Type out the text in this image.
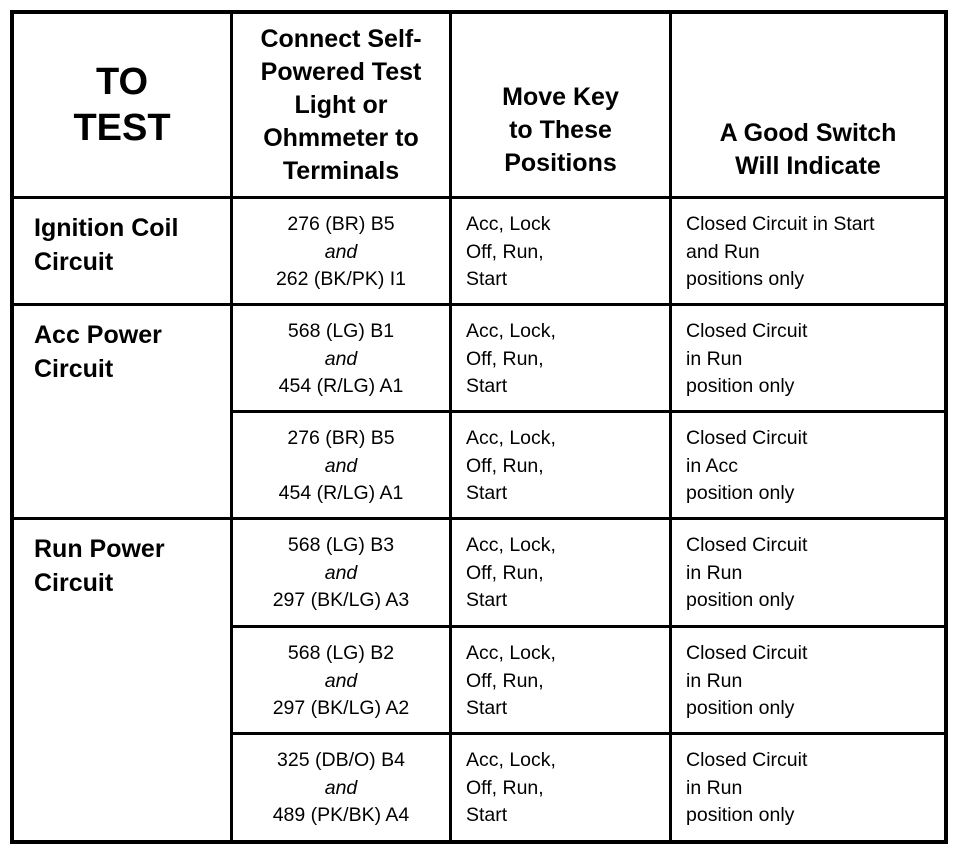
TO
TEST
Connect Self-
Powered Test
Light or
Ohmmeter to
Terminals
Move Key
to These
Positions
A Good Switch
Will Indicate
Ignition Coil
Circuit
Acc Power
Circuit
Run Power
Circuit
276 (BR) B5
and
262 (BK/PK) I1
Acc, Lock
Off, Run,
Start
Closed Circuit in Start
and Run
positions only
568 (LG) B1
and
454 (R/LG) A1
Acc, Lock,
Off, Run,
Start
Closed Circuit
in Run
position only
276 (BR) B5
and
454 (R/LG) A1
Acc, Lock,
Off, Run,
Start
Closed Circuit
in Acc
position only
568 (LG) B3
and
297 (BK/LG) A3
Acc, Lock,
Off, Run,
Start
Closed Circuit
in Run
position only
568 (LG) B2
and
297 (BK/LG) A2
Acc, Lock,
Off, Run,
Start
Closed Circuit
in Run
position only
325 (DB/O) B4
and
489 (PK/BK) A4
Acc, Lock,
Off, Run,
Start
Closed Circuit
in Run
position only
